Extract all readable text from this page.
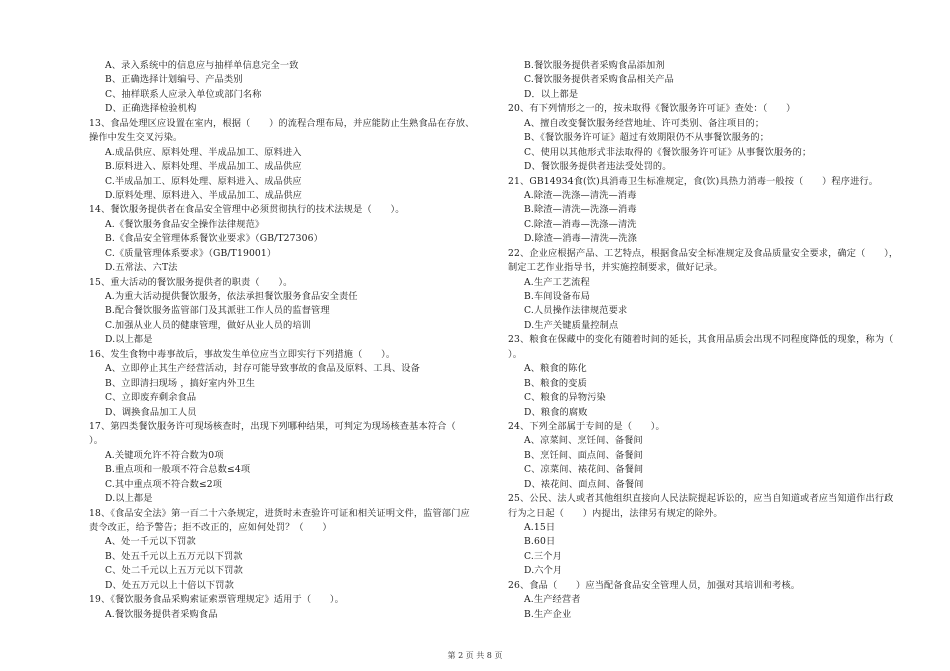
A、录入系统中的信息应与抽样单信息完全一致
B、正确选择计划编号、产品类别
C、抽样联系人应录入单位或部门名称
D、正确选择检验机构
13、食品处理区应设置在室内，根据（　　）的流程合理布局，并应能防止生熟食品在存放、
操作中发生交叉污染。
A.成品供应、原料处理、半成品加工、原料进入
B.原料进入、原料处理、半成品加工、成品供应
C.半成品加工、原料处理、原料进入、成品供应
D.原料处理、原料进入、半成品加工、成品供应
14、餐饮服务提供者在食品安全管理中必须贯彻执行的技术法规是（　　）。
A.《餐饮服务食品安全操作法律规范》
B.《食品安全管理体系餐饮业要求》（GB/T27306）
C.《质量管理体系要求》（GB/T19001）
D.五常法、六T法
15、重大活动的餐饮服务提供者的职责（　　）。
A.为重大活动提供餐饮服务，依法承担餐饮服务食品安全责任
B.配合餐饮服务监管部门及其派驻工作人员的监督管理
C.加强从业人员的健康管理，做好从业人员的培训
D.以上都是
16、发生食物中毒事故后，事故发生单位应当立即实行下列措施（　　）。
A、立即停止其生产经营活动，封存可能导致事故的食品及原料、工具、设备
B、立即清扫现场 ，搞好室内外卫生
C、立即废弃剩余食品
D、调换食品加工人员
17、第四类餐饮服务许可现场核查时，出现下列哪种结果，可判定为现场核查基本符合（　　
）。
A.关键项允许不符合数为0项
B.重点项和一般项不符合总数≤4项
C.其中重点项不符合数≤2项
D.以上都是
18、《食品安全法》第一百二十六条规定，进货时未查验许可证和相关证明文件，监管部门应
责令改正，给予警告；拒不改正的，应如何处罚？（　　）
A、处一千元以下罚款
B、处五千元以上五万元以下罚款
C、处二千元以上五万元以下罚款
D、处五万元以上十倍以下罚款
19、《餐饮服务食品采购索证索票管理规定》适用于（　　）。
A.餐饮服务提供者采购食品
B.餐饮服务提供者采购食品添加剂
C.餐饮服务提供者采购食品相关产品
D．以上都是
20、有下列情形之一的，按未取得《餐饮服务许可证》查处：（　　）
A、擅自改变餐饮服务经营地址、许可类别、备注项目的；
B、《餐饮服务许可证》超过有效期限仍不从事餐饮服务的；
C、使用以其他形式非法取得的《餐饮服务许可证》从事餐饮服务的；
D、餐饮服务提供者违法受处罚的。
21、GB14934食(饮)具消毒卫生标准规定，食(饮)具热力消毒一般按（　　）程序进行。
A.除渣—洗涤—清洗—消毒
B.除渣—清洗—洗涤—消毒
C.除渣—消毒—洗涤—清洗
D.除渣—消毒—清洗—洗涤
22、企业应根据产品、工艺特点，根据食品安全标准规定及食品质量安全要求，确定（　　），
制定工艺作业指导书，并实施控制要求，做好记录。
A.生产工艺流程
B.车间设备布局
C.人员操作法律规范要求
D.生产关键质量控制点
23、粮食在保藏中的变化有随着时间的延长，其食用品质会出现不同程度降低的现象，称为（
）。
A、粮食的陈化
B、粮食的变质
C、粮食的异物污染
D、粮食的腐败
24、下列全部属于专间的是（　　）。
A、凉菜间、烹饪间、备餐间
B、烹饪间、面点间、备餐间
C、凉菜间、裱花间、备餐间
D、裱花间、面点间、备餐间
25、公民、法人或者其他组织直接向人民法院提起诉讼的，应当自知道或者应当知道作出行政
行为之日起（　　）内提出，法律另有规定的除外。
A.15日
B.60日
C.三个月
D.六个月
26、食品（　　）应当配备食品安全管理人员，加强对其培训和考核。
A.生产经营者
B.生产企业
第 2 页 共 8 页
